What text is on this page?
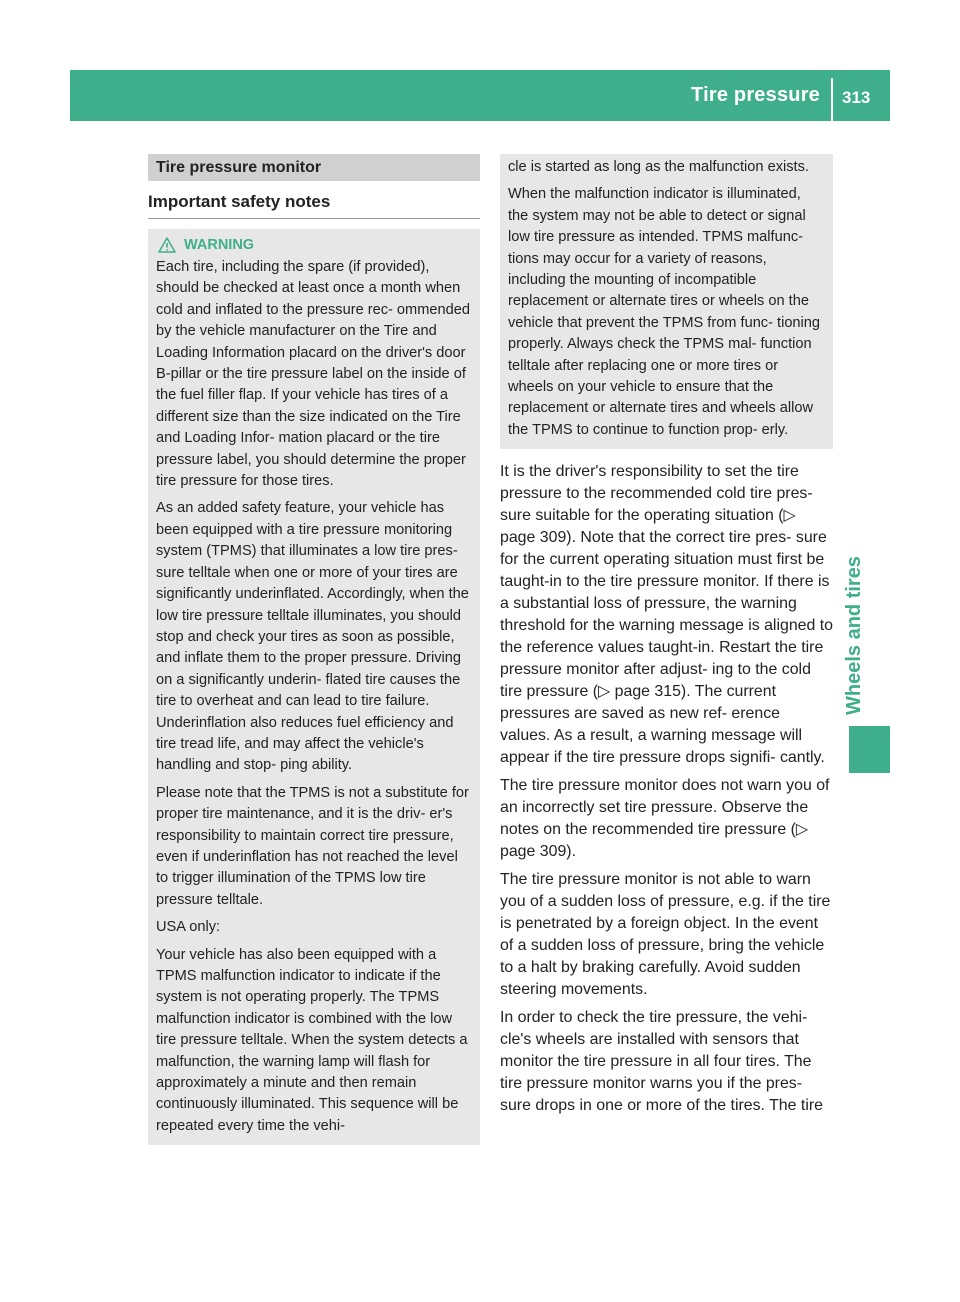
Tire pressure 313
Wheels and tires
Tire pressure monitor
Important safety notes
WARNING

Each tire, including the spare (if provided), should be checked at least once a month when cold and inflated to the pressure rec- ommended by the vehicle manufacturer on the Tire and Loading Information placard on the driver's door B-pillar or the tire pressure label on the inside of the fuel filler flap. If your vehicle has tires of a different size than the size indicated on the Tire and Loading Infor- mation placard or the tire pressure label, you should determine the proper tire pressure for those tires.

As an added safety feature, your vehicle has been equipped with a tire pressure monitoring system (TPMS) that illuminates a low tire pres- sure telltale when one or more of your tires are significantly underinflated. Accordingly, when the low tire pressure telltale illuminates, you should stop and check your tires as soon as possible, and inflate them to the proper pressure. Driving on a significantly underin- flated tire causes the tire to overheat and can lead to tire failure. Underinflation also reduces fuel efficiency and tire tread life, and may affect the vehicle's handling and stop- ping ability.

Please note that the TPMS is not a substitute for proper tire maintenance, and it is the driv- er's responsibility to maintain correct tire pressure, even if underinflation has not reached the level to trigger illumination of the TPMS low tire pressure telltale.

USA only:

Your vehicle has also been equipped with a TPMS malfunction indicator to indicate if the system is not operating properly. The TPMS malfunction indicator is combined with the low tire pressure telltale. When the system detects a malfunction, the warning lamp will flash for approximately a minute and then remain continuously illuminated. This sequence will be repeated every time the vehi-

cle is started as long as the malfunction exists.

When the malfunction indicator is illuminated, the system may not be able to detect or signal low tire pressure as intended. TPMS malfunc- tions may occur for a variety of reasons, including the mounting of incompatible replacement or alternate tires or wheels on the vehicle that prevent the TPMS from func- tioning properly. Always check the TPMS mal- function telltale after replacing one or more tires or wheels on your vehicle to ensure that the replacement or alternate tires and wheels allow the TPMS to continue to function prop- erly.

It is the driver's responsibility to set the tire pressure to the recommended cold tire pres- sure suitable for the operating situation (▷ page 309). Note that the correct tire pres- sure for the current operating situation must first be taught-in to the tire pressure monitor. If there is a substantial loss of pressure, the warning threshold for the warning message is aligned to the reference values taught-in. Restart the tire pressure monitor after adjust- ing to the cold tire pressure (▷ page 315). The current pressures are saved as new ref- erence values. As a result, a warning message will appear if the tire pressure drops signifi- cantly.

The tire pressure monitor does not warn you of an incorrectly set tire pressure. Observe the notes on the recommended tire pressure (▷ page 309).

The tire pressure monitor is not able to warn you of a sudden loss of pressure, e.g. if the tire is penetrated by a foreign object. In the event of a sudden loss of pressure, bring the vehicle to a halt by braking carefully. Avoid sudden steering movements.

In order to check the tire pressure, the vehi- cle's wheels are installed with sensors that monitor the tire pressure in all four tires. The tire pressure monitor warns you if the pres- sure drops in one or more of the tires. The tire
